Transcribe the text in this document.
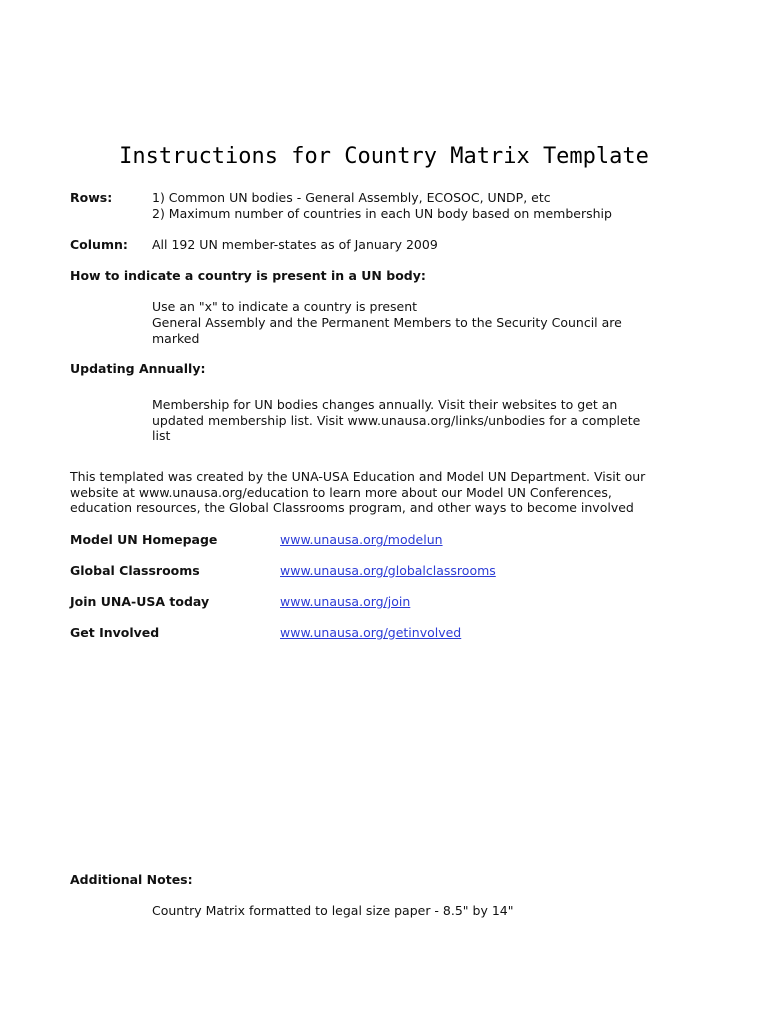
Instructions for Country Matrix Template
Rows:	1) Common UN bodies - General Assembly, ECOSOC, UNDP, etc
2) Maximum number of countries in each UN body based on membership
Column: All 192 UN member-states as of January 2009
How to indicate a country is present in a UN body:
Use an "x" to indicate a country is present
General Assembly and the Permanent Members to the Security Council are marked
Updating Annually:
Membership for UN bodies changes annually. Visit their websites to get an updated membership list. Visit www.unausa.org/links/unbodies for a complete list
This templated was created by the UNA-USA Education and Model UN Department. Visit our website at www.unausa.org/education to learn more about our Model UN Conferences, education resources, the Global Classrooms program, and other ways to become involved
Model UN Homepage	www.unausa.org/modelun
Global Classrooms	www.unausa.org/globalclassrooms
Join UNA-USA today	www.unausa.org/join
Get Involved	www.unausa.org/getinvolved
Additional Notes:
Country Matrix formatted to legal size paper - 8.5" by 14"
